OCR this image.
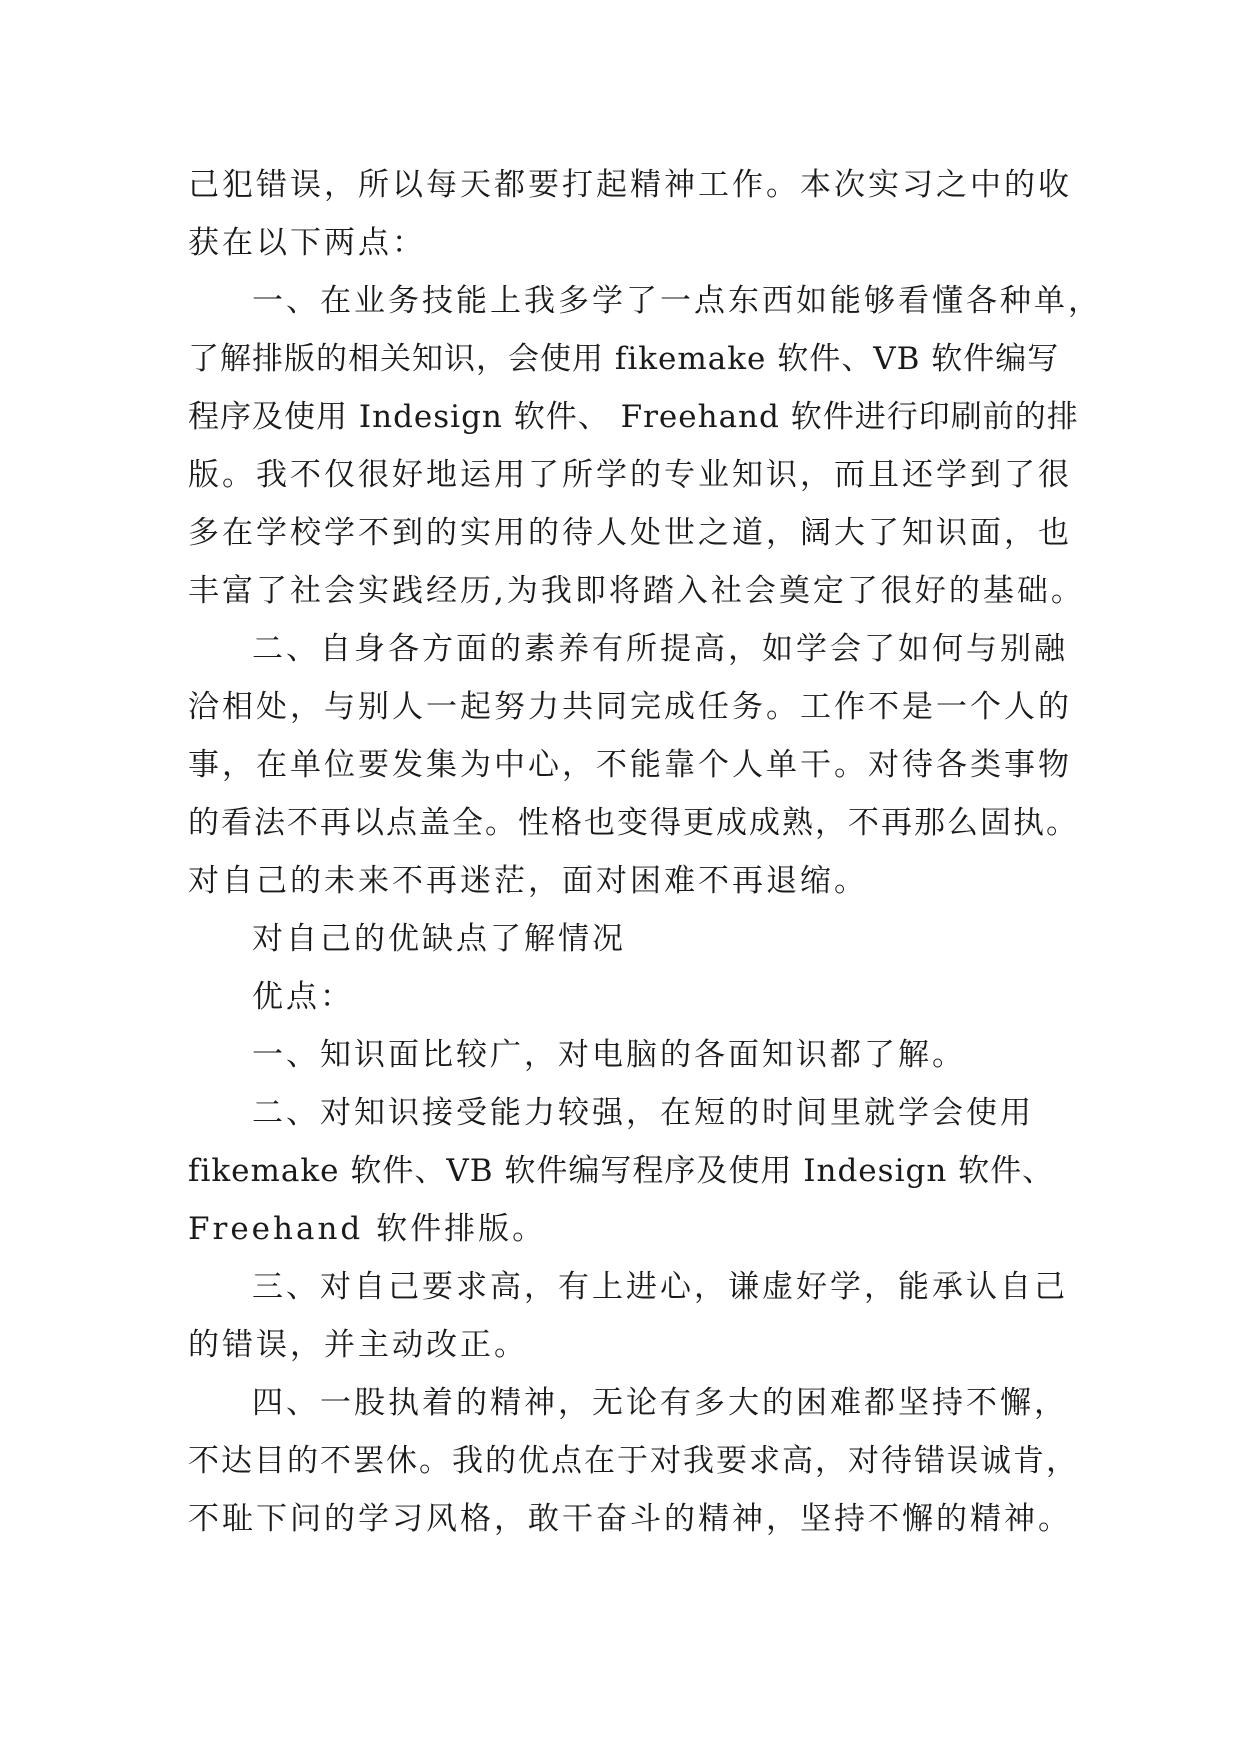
己犯错误，所以每天都要打起精神工作。本次实习之中的收
获在以下两点：
一、在业务技能上我多学了一点东西如能够看懂各种单，
了解排版的相关知识，会使用 fikemake 软件、VB 软件编写
程序及使用 Indesign 软件、 Freehand 软件进行印刷前的排
版。我不仅很好地运用了所学的专业知识，而且还学到了很
多在学校学不到的实用的待人处世之道，阔大了知识面，也
丰富了社会实践经历,为我即将踏入社会奠定了很好的基础。
二、自身各方面的素养有所提高，如学会了如何与别融
洽相处，与别人一起努力共同完成任务。工作不是一个人的
事，在单位要发集为中心，不能靠个人单干。对待各类事物
的看法不再以点盖全。性格也变得更成成熟，不再那么固执。
对自己的未来不再迷茫，面对困难不再退缩。
对自己的优缺点了解情况
优点：
一、知识面比较广，对电脑的各面知识都了解。
二、对知识接受能力较强，在短的时间里就学会使用
fikemake 软件、VB 软件编写程序及使用 Indesign 软件、
Freehand 软件排版。
三、对自己要求高，有上进心，谦虚好学，能承认自己
的错误，并主动改正。
四、一股执着的精神，无论有多大的困难都坚持不懈，
不达目的不罢休。我的优点在于对我要求高，对待错误诚肯，
不耻下问的学习风格，敢干奋斗的精神，坚持不懈的精神。
